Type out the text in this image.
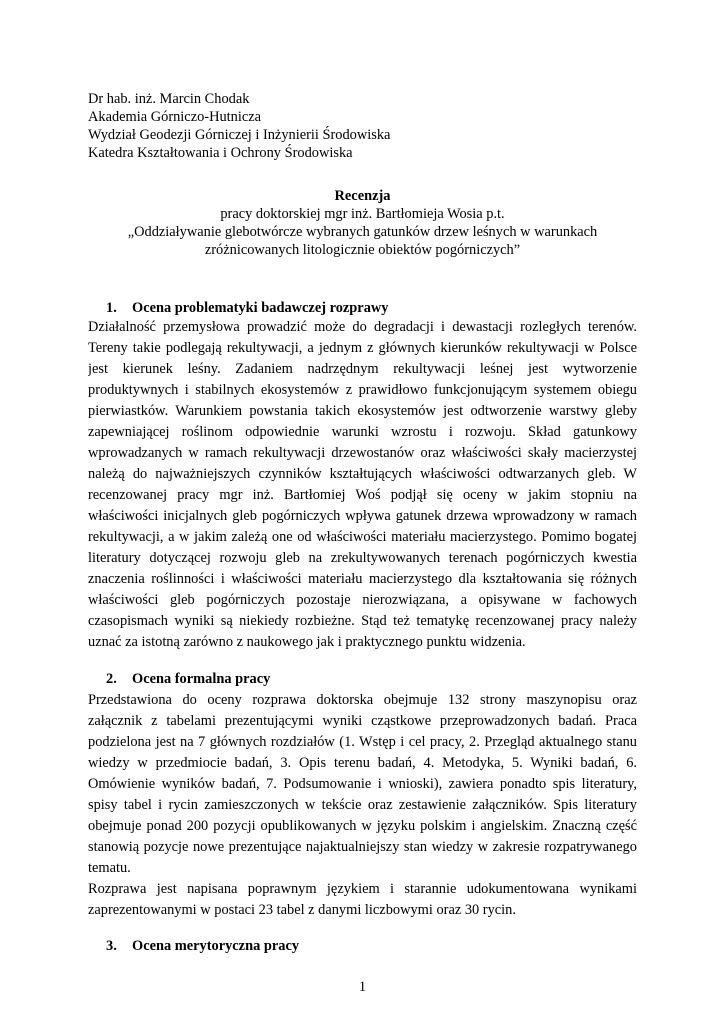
Dr hab. inż. Marcin Chodak
Akademia Górniczo-Hutnicza
Wydział Geodezji Górniczej i Inżynierii Środowiska
Katedra Kształtowania i Ochrony Środowiska
Recenzja
pracy doktorskiej mgr inż. Bartłomieja Wosia p.t.
„Oddziaływanie glebotwórcze wybranych gatunków drzew leśnych w warunkach
zróżnicowanych litologicznie obiektów pogórniczych”
1. Ocena problematyki badawczej rozprawy
Działalność przemysłowa prowadzić może do degradacji i dewastacji rozległych terenów.
Tereny takie podlegają rekultywacji, a jednym z głównych kierunków rekultywacji w Polsce
jest kierunek leśny. Zadaniem nadrzędnym rekultywacji leśnej jest wytworzenie
produktywnych i stabilnych ekosystemów z prawidłowo funkcjonującym systemem obiegu
pierwiastków. Warunkiem powstania takich ekosystemów jest odtworzenie warstwy gleby
zapewniającej roślinom odpowiednie warunki wzrostu i rozwoju. Skład gatunkowy
wprowadzanych w ramach rekultywacji drzewostanów oraz właściwości skały macierzystej
należą do najważniejszych czynników kształtujących właściwości odtwarzanych gleb. W
recenzowanej pracy mgr inż. Bartłomiej Woś podjął się oceny w jakim stopniu na
właściwości inicjalnych gleb pogórniczych wpływa gatunek drzewa wprowadzony w ramach
rekultywacji, a w jakim zależą one od właściwości materiału macierzystego. Pomimo bogatej
literatury dotyczącej rozwoju gleb na zrekultywowanych terenach pogórniczych kwestia
znaczenia roślinności i właściwości materiału macierzystego dla kształtowania się różnych
właściwości gleb pogórniczych pozostaje nierozwiązana, a opisywane w fachowych
czasopismach wyniki są niekiedy rozbieżne. Stąd też tematykę recenzowanej pracy należy
uznać za istotną zarówno z naukowego jak i praktycznego punktu widzenia.
2. Ocena formalna pracy
Przedstawiona do oceny rozprawa doktorska obejmuje 132 strony maszynopisu oraz
załącznik z tabelami prezentującymi wyniki cząstkowe przeprowadzonych badań. Praca
podzielona jest na 7 głównych rozdziałów (1. Wstęp i cel pracy, 2. Przegląd aktualnego stanu
wiedzy w przedmiocie badań, 3. Opis terenu badań, 4. Metodyka, 5. Wyniki badań, 6.
Omówienie wyników badań, 7. Podsumowanie i wnioski), zawiera ponadto spis literatury,
spisy tabel i rycin zamieszczonych w tekście oraz zestawienie załączników. Spis literatury
obejmuje ponad 200 pozycji opublikowanych w języku polskim i angielskim. Znaczną część
stanowią pozycje nowe prezentujące najaktualniejszy stan wiedzy w zakresie rozpatrywanego
tematu.
Rozprawa jest napisana poprawnym językiem i starannie udokumentowana wynikami
zaprezentowanymi w postaci 23 tabel z danymi liczbowymi oraz 30 rycin.
3. Ocena merytoryczna pracy
1
